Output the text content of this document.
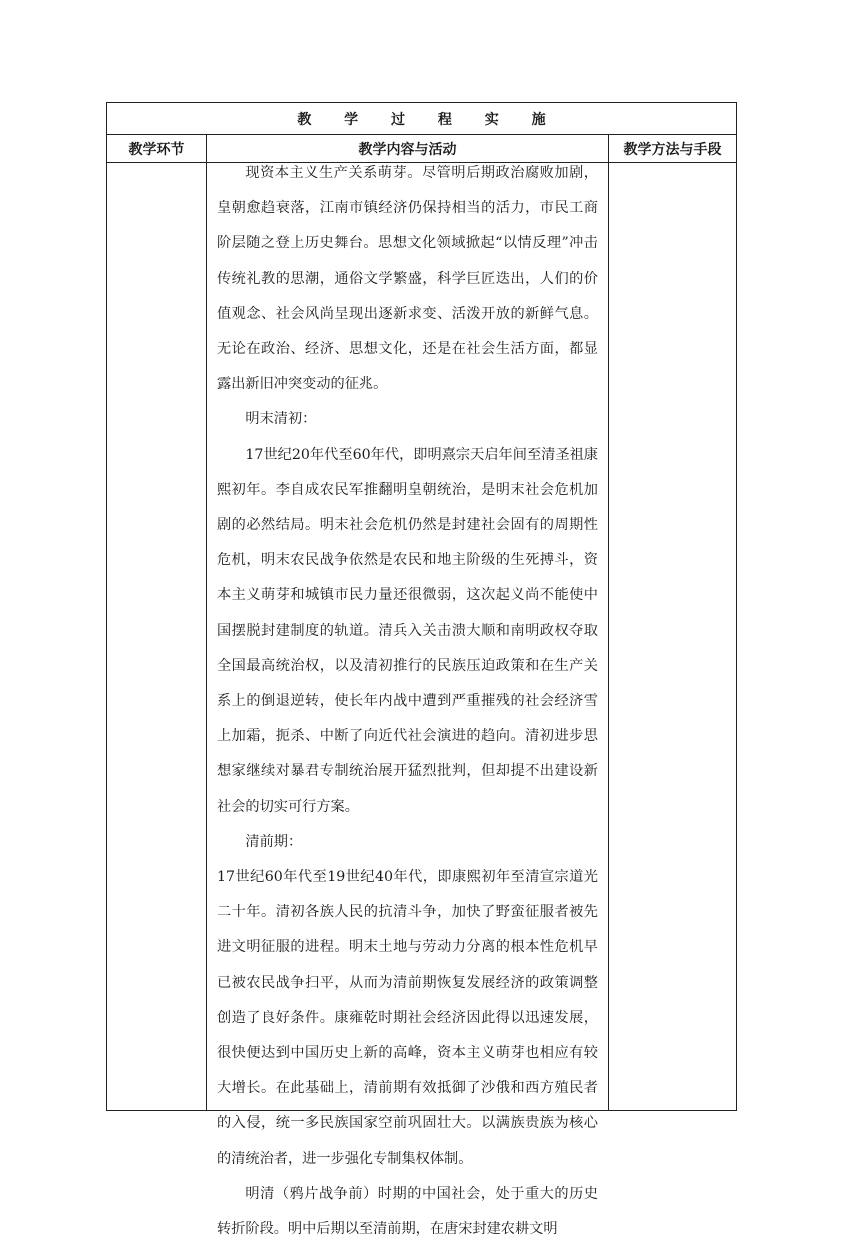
教 学 过 程 实 施
教学环节	教学内容与活动	教学方法与手段

现资本主义生产关系萌芽。尽管明后期政治腐败加剧，皇朝愈趋衰落，江南市镇经济仍保持相当的活力，市民工商阶层随之登上历史舞台。思想文化领域掀起“以情反理”冲击传统礼教的思潮，通俗文学繁盛，科学巨匠迭出，人们的价值观念、社会风尚呈现出逐新求变、活泼开放的新鲜气息。无论在政治、经济、思想文化，还是在社会生活方面，都显露出新旧冲突变动的征兆。

明末清初：

17世纪20年代至60年代，即明熹宗天启年间至清圣祖康熙初年。李自成农民军推翻明皇朝统治，是明末社会危机加剧的必然结局。明末社会危机仍然是封建社会固有的周期性危机，明末农民战争依然是农民和地主阶级的生死搏斗，资本主义萌芽和城镇市民力量还很微弱，这次起义尚不能使中国摆脱封建制度的轨道。清兵入关击溃大顺和南明政权夺取全国最高统治权，以及清初推行的民族压迫政策和在生产关系上的倒退逆转，使长年内战中遭到严重摧残的社会经济雪上加霜，扼杀、中断了向近代社会演进的趋向。清初进步思想家继续对暴君专制统治展开猛烈批判，但却提不出建设新社会的切实可行方案。

清前期：

17世纪60年代至19世纪40年代，即康熙初年至清宣宗道光二十年。清初各族人民的抗清斗争，加快了野蛮征服者被先进文明征服的进程。明末土地与劳动力分离的根本性危机早已被农民战争扫平，从而为清前期恢复发展经济的政策调整创造了良好条件。康雍乾时期社会经济因此得以迅速发展，很快便达到中国历史上新的高峰，资本主义萌芽也相应有较大增长。在此基础上，清前期有效抵御了沙俄和西方殖民者的入侵，统一多民族国家空前巩固壮大。以满族贵族为核心的清统治者，进一步强化专制集权体制。

明清（鸦片战争前）时期的中国社会，处于重大的历史转折阶段。明中后期以至清前期，在唐宋封建农耕文明
